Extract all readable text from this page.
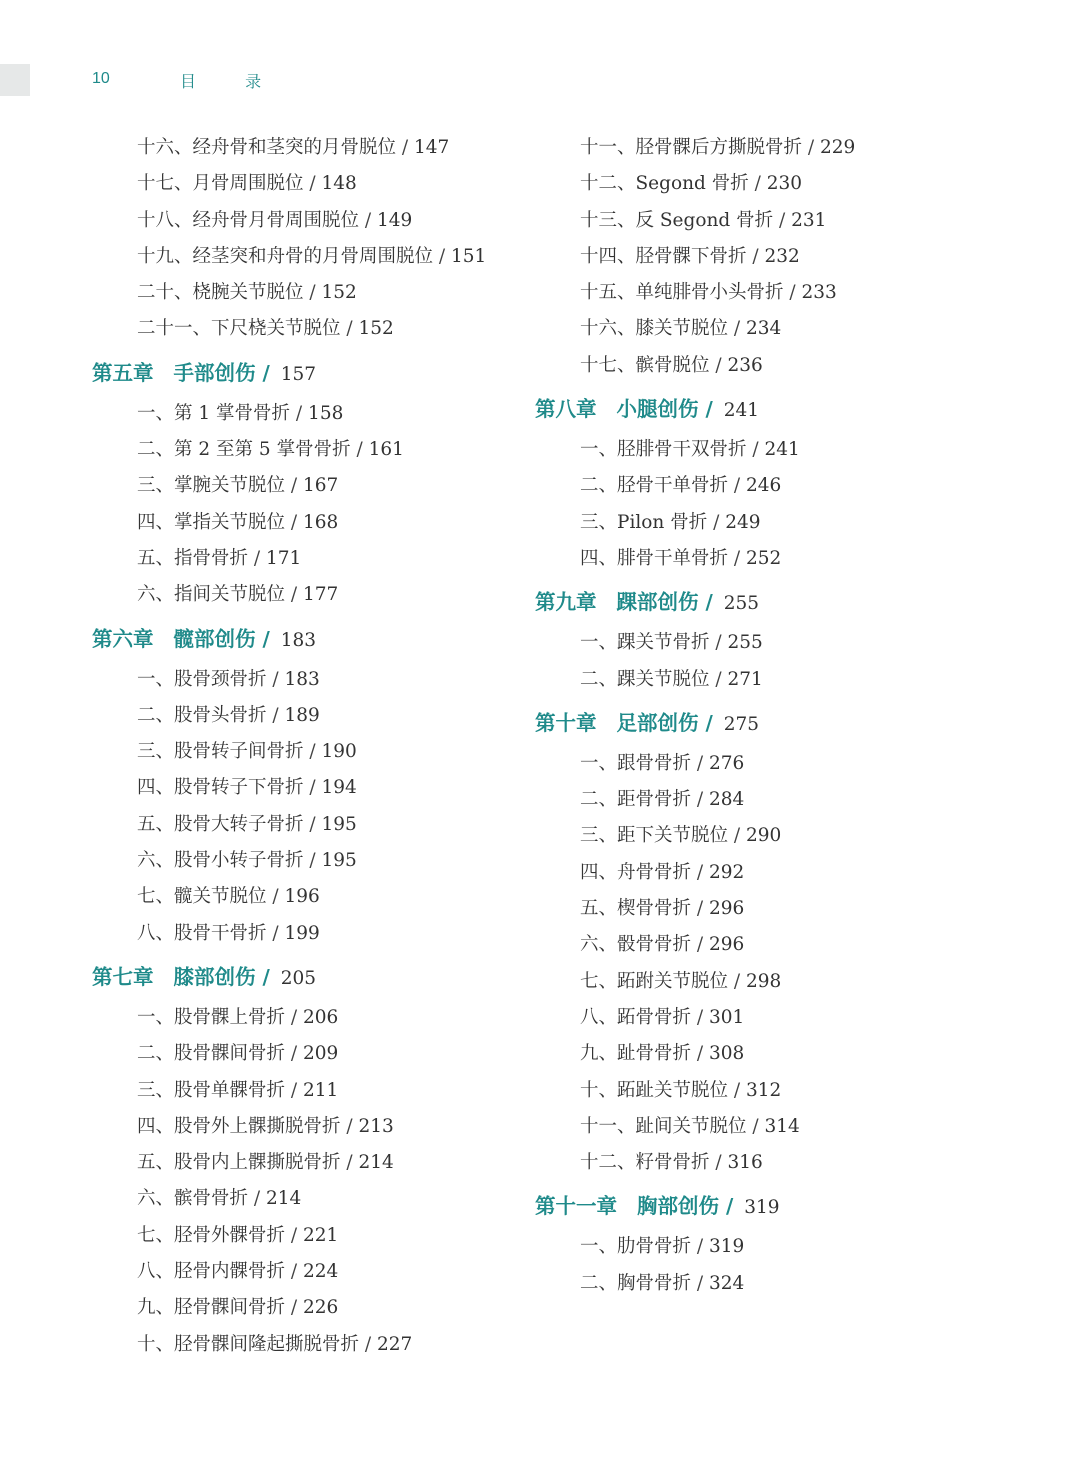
10	目 录
十六、经舟骨和茎突的月骨脱位 / 147
十七、月骨周围脱位 / 148
十八、经舟骨月骨周围脱位 / 149
十九、经茎突和舟骨的月骨周围脱位 / 151
二十、桡腕关节脱位 / 152
二十一、下尺桡关节脱位 / 152
第五章 手部创伤 / 157
一、第 1 掌骨骨折 / 158
二、第 2 至第 5 掌骨骨折 / 161
三、掌腕关节脱位 / 167
四、掌指关节脱位 / 168
五、指骨骨折 / 171
六、指间关节脱位 / 177
第六章 髋部创伤 / 183
一、股骨颈骨折 / 183
二、股骨头骨折 / 189
三、股骨转子间骨折 / 190
四、股骨转子下骨折 / 194
五、股骨大转子骨折 / 195
六、股骨小转子骨折 / 195
七、髋关节脱位 / 196
八、股骨干骨折 / 199
第七章 膝部创伤 / 205
一、股骨髁上骨折 / 206
二、股骨髁间骨折 / 209
三、股骨单髁骨折 / 211
四、股骨外上髁撕脱骨折 / 213
五、股骨内上髁撕脱骨折 / 214
六、髌骨骨折 / 214
七、胫骨外髁骨折 / 221
八、胫骨内髁骨折 / 224
九、胫骨髁间骨折 / 226
十、胫骨髁间隆起撕脱骨折 / 227
十一、胫骨髁后方撕脱骨折 / 229
十二、Segond 骨折 / 230
十三、反 Segond 骨折 / 231
十四、胫骨髁下骨折 / 232
十五、单纯腓骨小头骨折 / 233
十六、膝关节脱位 / 234
十七、髌骨脱位 / 236
第八章 小腿创伤 / 241
一、胫腓骨干双骨折 / 241
二、胫骨干单骨折 / 246
三、Pilon 骨折 / 249
四、腓骨干单骨折 / 252
第九章 踝部创伤 / 255
一、踝关节骨折 / 255
二、踝关节脱位 / 271
第十章 足部创伤 / 275
一、跟骨骨折 / 276
二、距骨骨折 / 284
三、距下关节脱位 / 290
四、舟骨骨折 / 292
五、楔骨骨折 / 296
六、骰骨骨折 / 296
七、跖跗关节脱位 / 298
八、跖骨骨折 / 301
九、趾骨骨折 / 308
十、跖趾关节脱位 / 312
十一、趾间关节脱位 / 314
十二、籽骨骨折 / 316
第十一章 胸部创伤 / 319
一、肋骨骨折 / 319
二、胸骨骨折 / 324
